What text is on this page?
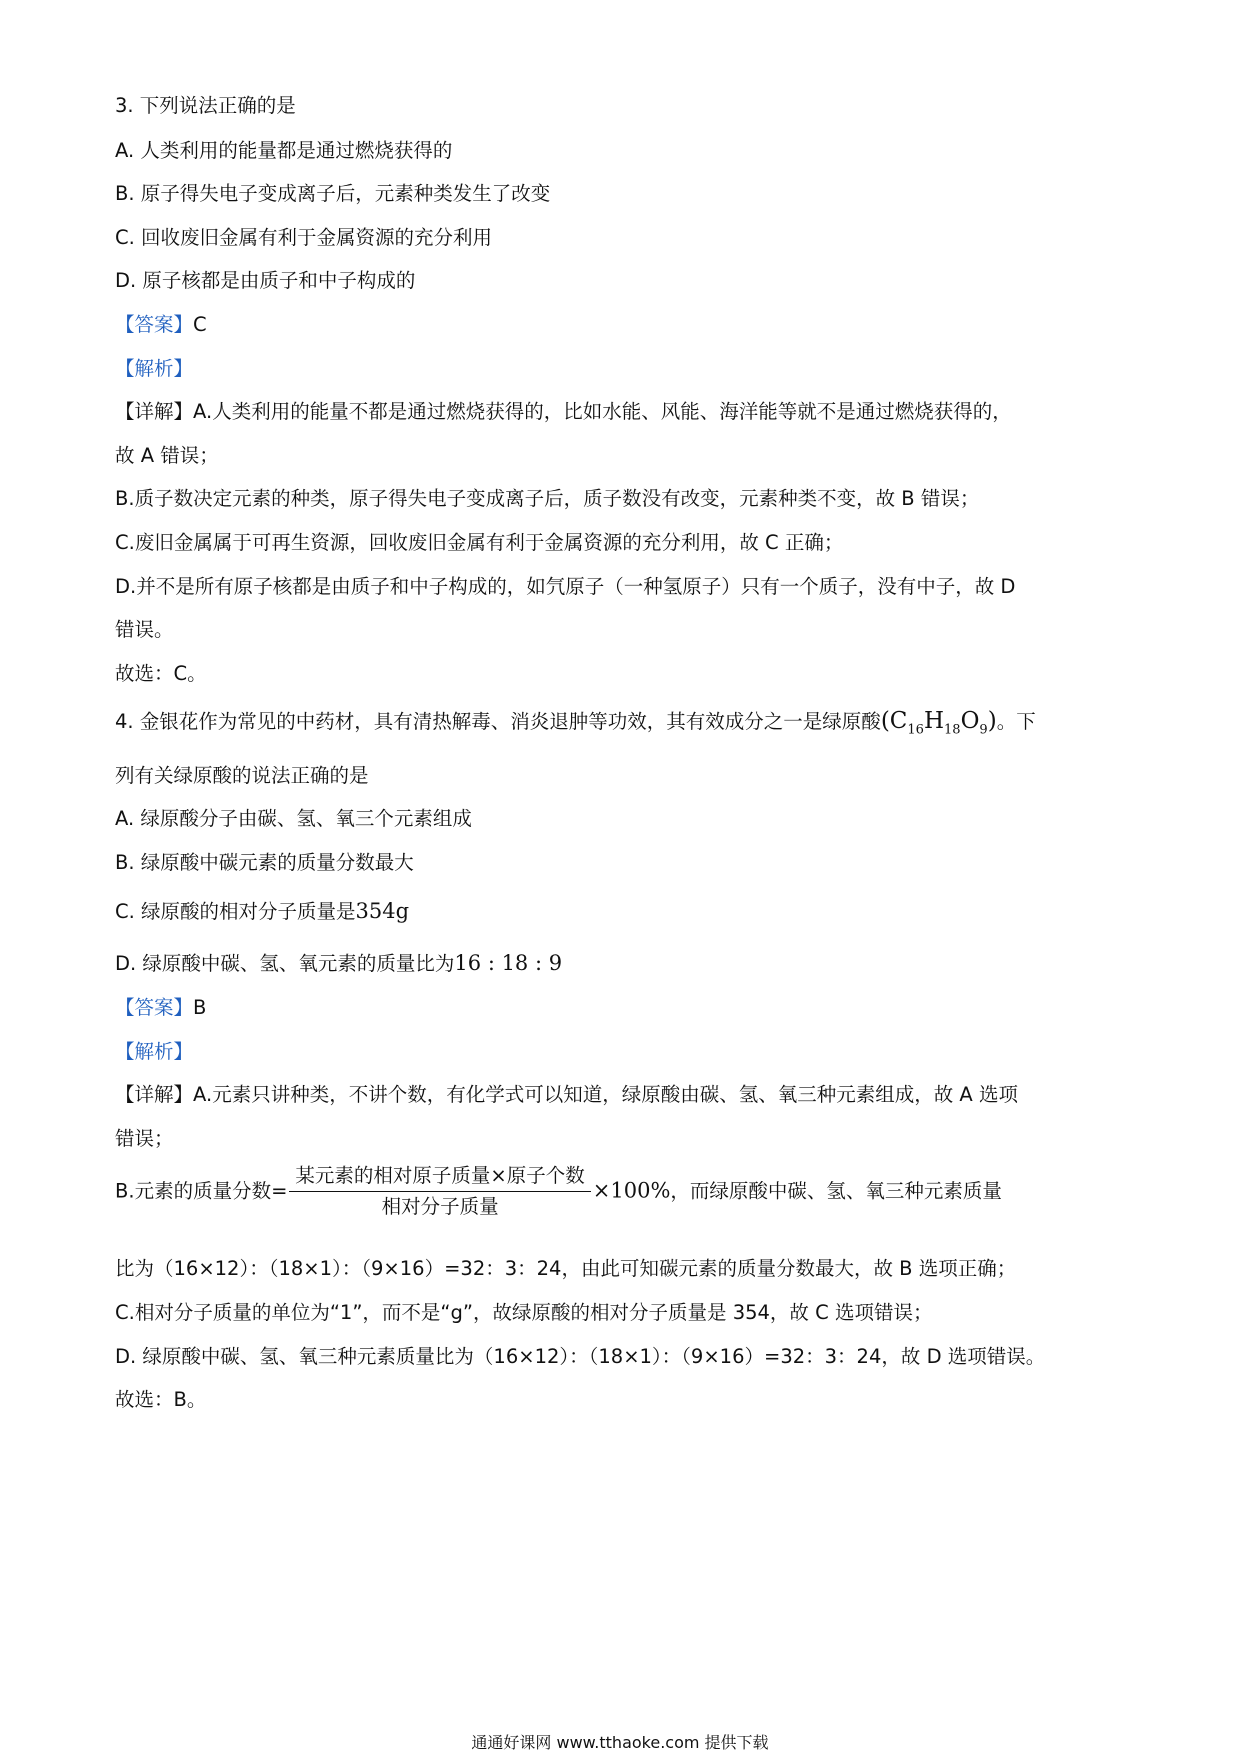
3. 下列说法正确的是
A. 人类利用的能量都是通过燃烧获得的
B. 原子得失电子变成离子后，元素种类发生了改变
C. 回收废旧金属有利于金属资源的充分利用
D. 原子核都是由质子和中子构成的
【答案】C
【解析】
【详解】A.人类利用的能量不都是通过燃烧获得的，比如水能、风能、海洋能等就不是通过燃烧获得的，
故 A 错误；
B.质子数决定元素的种类，原子得失电子变成离子后，质子数没有改变，元素种类不变，故 B 错误；
C.废旧金属属于可再生资源，回收废旧金属有利于金属资源的充分利用，故 C 正确；
D.并不是所有原子核都是由质子和中子构成的，如氕原子（一种氢原子）只有一个质子，没有中子，故 D
错误。
故选：C。
4. 金银花作为常见的中药材，具有清热解毒、消炎退肿等功效，其有效成分之一是绿原酸$(C_{16}H_{18}O_9)$。下
列有关绿原酸的说法正确的是
A. 绿原酸分子由碳、氢、氧三个元素组成
B. 绿原酸中碳元素的质量分数最大
C. 绿原酸的相对分子质量是354g
D. 绿原酸中碳、氢、氧元素的质量比为16 : 18 : 9
【答案】B
【解析】
【详解】A.元素只讲种类，不讲个数，有化学式可以知道，绿原酸由碳、氢、氧三种元素组成，故 A 选项
错误；
B.元素的质量分数= $\frac{\text{某元素的相对原子质量×原子个数}}{\text{相对分子质量}} \times 100\%$，而绿原酸中碳、氢、氧三种元素质量
比为（16×12）：（18×1）：（9×16）=32：3：24，由此可知碳元素的质量分数最大，故 B 选项正确；
C.相对分子质量的单位为“1”，而不是“g”，故绿原酸的相对分子质量是 354，故 C 选项错误；
D. 绿原酸中碳、氢、氧三种元素质量比为（16×12）：（18×1）：（9×16）=32：3：24，故 D 选项错误。
故选：B。
通通好课网 www.tthaoke.com 提供下载
